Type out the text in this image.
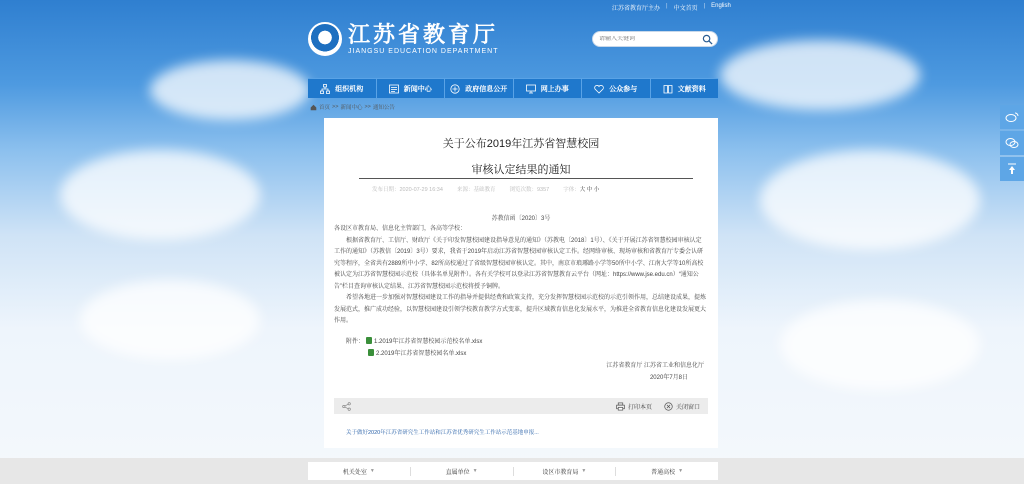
江苏省教育厅主办 | 中文首页 | English
江苏省教育厅
JIANGSU EDUCATION DEPARTMENT
请输入关键词
组织机构	新闻中心	政府信息公开	网上办事	公众参与	文献资料
首页 >> 新闻中心 >> 通知公告
关于公布2019年江苏省智慧校园
审核认定结果的通知
发布日期：2020-07-29 16:34	来源：基础教育	浏览次数：9357	字体：大 中 小
苏教信函〔2020〕3号

各设区市教育局、信息化主管部门，各高等学校：

根据省教育厅、工信厅、财政厅《关于印发智慧校园建设指导意见的通知》（苏教电〔2018〕1号）、《关于开展江苏省智慧校园审核认定工作的通知》（苏教信〔2019〕3号）要求，我省于2019年启动江苏省智慧校园审核认定工作。经网络审核、现场审核和省教育厅专委会认研究等程序，全省共有2889所中小学、82所高校通过了省级智慧校园审核认定。其中，南京市琅琊路小学等50所中小学、江南大学等10所高校被认定为江苏省智慧校园示范校（具体名单见附件）。各有关学校可以登录江苏省智慧教育云平台（网址：https://www.jse.edu.cn）“通知公告”栏目查询审核认定结果、江苏省智慧校园示范校将授予铜牌。

希望各地进一步加强对智慧校园建设工作的指导并提供经费和政策支持，充分发挥智慧校园示范校的示范引领作用，总结建设成果，提炼发展范式，推广成功经验，以智慧校园建设引领学校教育教学方式变革，提升区域教育信息化发展水平，为推进全省教育信息化建设发展更大作用。

附件： 1.2019年江苏省智慧校园示范校名单.xlsx
2.2019年江苏省智慧校园名单.xlsx
江苏省教育厅 江苏省工业和信息化厅
2020年7月8日
打印本页	关闭窗口
关于做好2020年江苏省研究生工作站和江苏省优秀研究生工作站示范基地申报...
机关处室 ▼	直属单位 ▼	设区市教育局 ▼	普通高校 ▼
